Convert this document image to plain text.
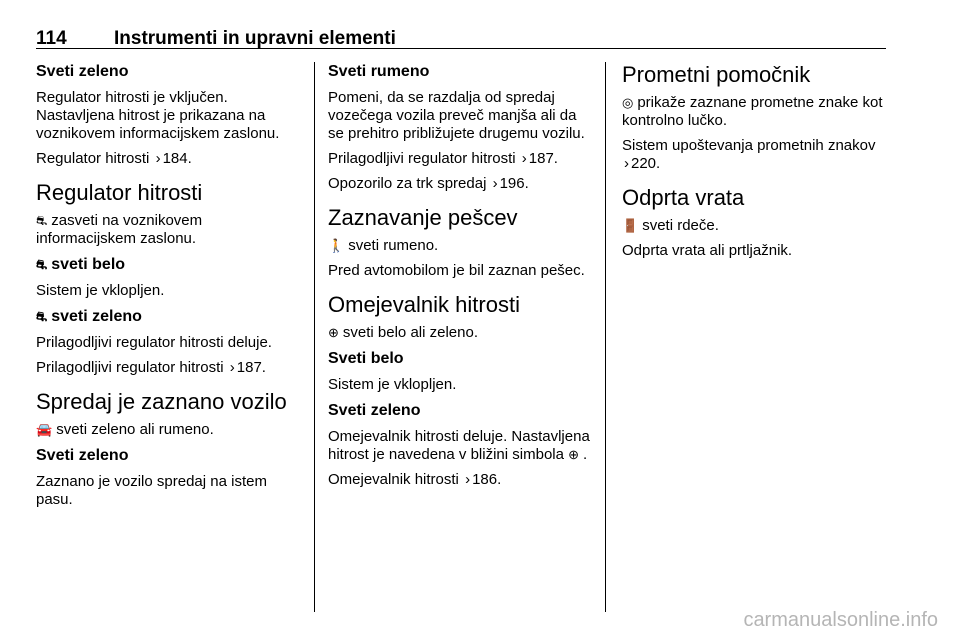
114 Instrumenti in upravni elementi
Sveti zeleno

Regulator hitrosti je vključen. Nastavljena hitrost je prikazana na voznikovem informacijskem zaslonu.

Regulator hitrosti › 184.

Regulator hitrosti

⛐ zasveti na voznikovem informacijskem zaslonu.

⛐ sveti belo

Sistem je vklopljen.

⛐ sveti zeleno

Prilagodljivi regulator hitrosti deluje.

Prilagodljivi regulator hitrosti › 187.

Spredaj je zaznano vozilo

🚘 sveti zeleno ali rumeno.

Sveti zeleno

Zaznano je vozilo spredaj na istem pasu.

Sveti rumeno

Pomeni, da se razdalja od spredaj vozečega vozila preveč manjša ali da se prehitro približujete drugemu vozilu.

Prilagodljivi regulator hitrosti › 187.

Opozorilo za trk spredaj › 196.

Zaznavanje pešcev

🚶 sveti rumeno.

Pred avtomobilom je bil zaznan pešec.

Omejevalnik hitrosti

⊕ sveti belo ali zeleno.

Sveti belo

Sistem je vklopljen.

Sveti zeleno

Omejevalnik hitrosti deluje. Nastavljena hitrost je navedena v bližini simbola ⊕ .

Omejevalnik hitrosti › 186.

Prometni pomočnik

◎ prikaže zaznane prometne znake kot kontrolno lučko.

Sistem upoštevanja prometnih znakov › 220.

Odprta vrata

🚪 sveti rdeče.

Odprta vrata ali prtljažnik.

carmanualsonline.info
